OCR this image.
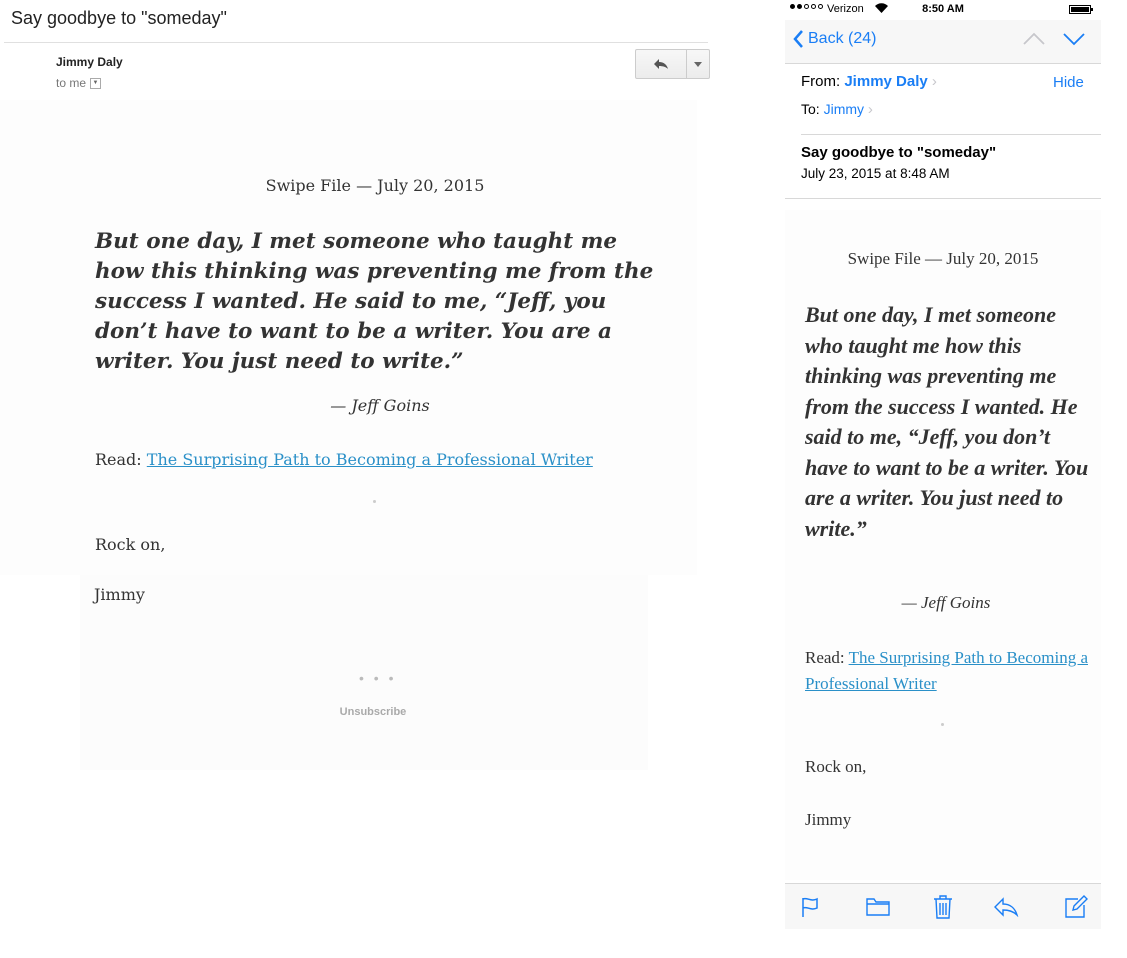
Say goodbye to "someday"
Jimmy Daly
to me	▼
Swipe File — July 20, 2015
But one day, I met someone who taught me how this thinking was preventing me from the success I wanted. He said to me, “Jeff, you don’t have to want to be a writer. You are a writer. You just need to write.”
— Jeff Goins
Read: The Surprising Path to Becoming a Professional Writer
Rock on,
Jimmy
• • •
Unsubscribe
Verizon	8:50 AM
Back (24)
From: Jimmy Daly ›	Hide
To: Jimmy ›
Say goodbye to "someday"
July 23, 2015 at 8:48 AM
Swipe File — July 20, 2015
But one day, I met someone who taught me how this thinking was preventing me from the success I wanted. He said to me, “Jeff, you don’t have to want to be a writer. You are a writer. You just need to write.”
— Jeff Goins
Read: The Surprising Path to Becoming a Professional Writer
Rock on,
Jimmy
